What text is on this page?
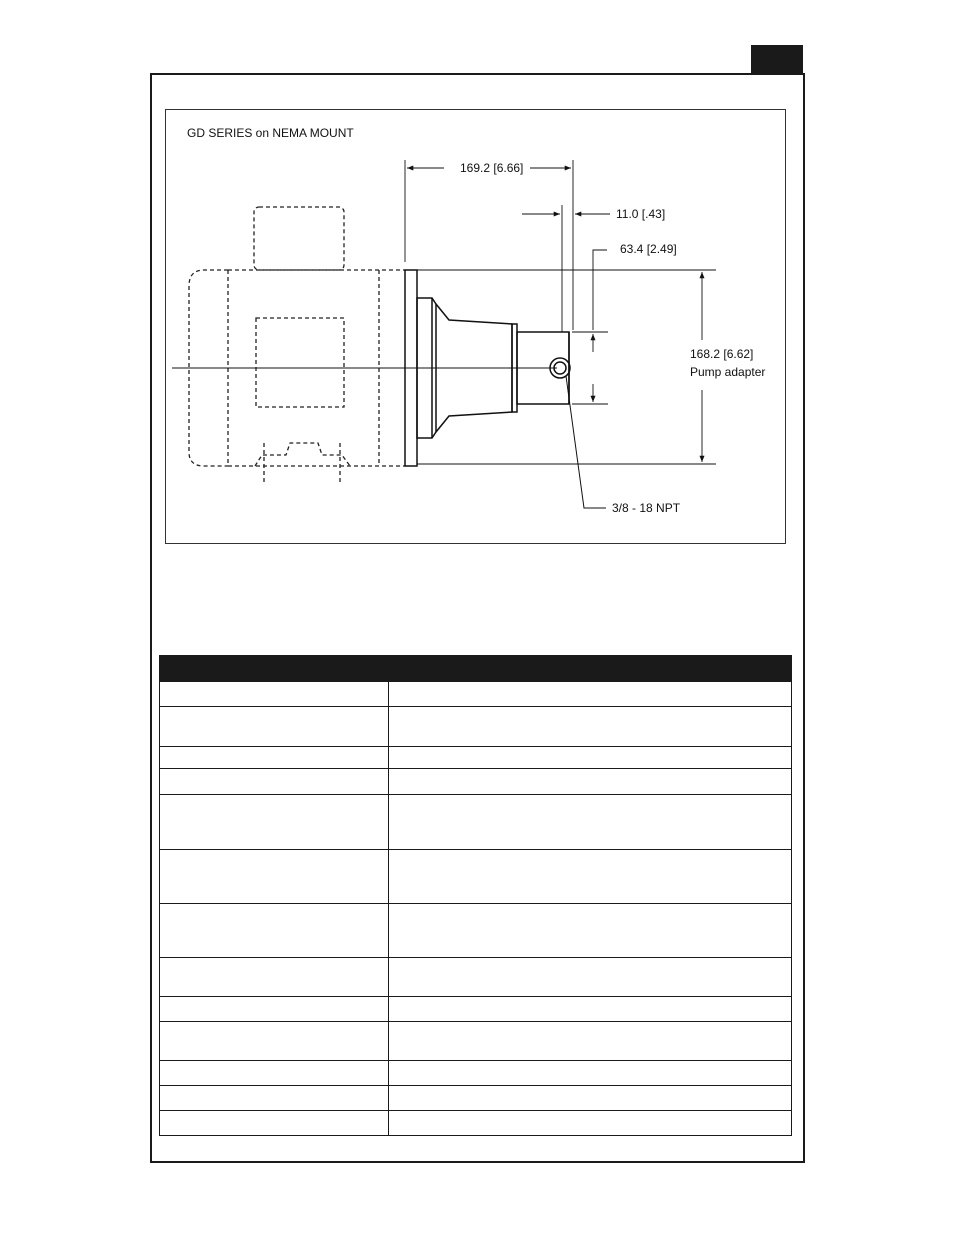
GD SERIES on NEMA MOUNT
169.2 [6.66]
11.0 [.43]
63.4 [2.49]
168.2 [6.62]
Pump adapter
3/8 - 18 NPT
